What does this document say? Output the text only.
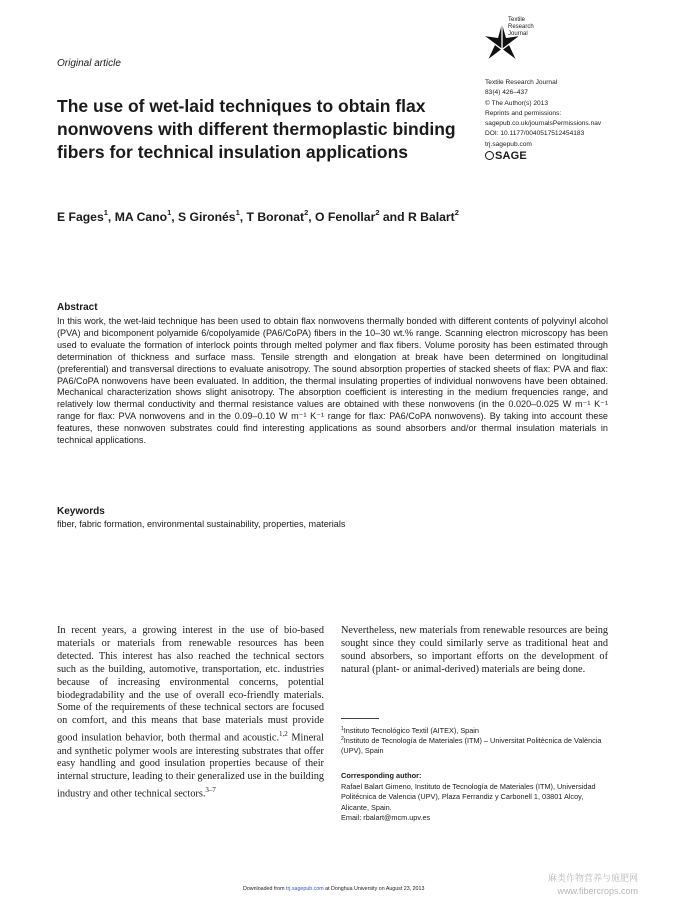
Original article
Textile
Research
Journal
Textile Research Journal
83(4) 426–437
© The Author(s) 2013
Reprints and permissions:
sagepub.co.uk/journalsPermissions.nav
DOI: 10.1177/0040517512454183
trj.sagepub.com
SAGE
The use of wet-laid techniques to obtain flax nonwovens with different thermoplastic binding fibers for technical insulation applications
E Fages$^1$, MA Cano$^1$, S Gironés$^1$, T Boronat$^2$, O Fenollar$^2$ and R Balart$^2$
Abstract
In this work, the wet-laid technique has been used to obtain flax nonwovens thermally bonded with different contents of polyvinyl alcohol (PVA) and bicomponent polyamide 6/copolyamide (PA6/CoPA) fibers in the 10–30 wt.% range. Scanning electron microscopy has been used to evaluate the formation of interlock points through melted polymer and flax fibers. Volume porosity has been estimated through determination of thickness and surface mass. Tensile strength and elongation at break have been determined on longitudinal (preferential) and transversal directions to evaluate anisotropy. The sound absorption properties of stacked sheets of flax: PVA and flax: PA6/CoPA nonwovens have been evaluated. In addition, the thermal insulating properties of individual nonwovens have been obtained. Mechanical characterization shows slight anisotropy. The absorption coefficient is interesting in the medium frequencies range, and relatively low thermal conductivity and thermal resistance values are obtained with these nonwovens (in the 0.020–0.025 W m⁻¹ K⁻¹ range for flax: PVA nonwovens and in the 0.09–0.10 W m⁻¹ K⁻¹ range for flax: PA6/CoPA nonwovens). By taking into account these features, these nonwoven substrates could find interesting applications as sound absorbers and/or thermal insulation materials in technical applications.
Keywords
fiber, fabric formation, environmental sustainability, properties, materials
In recent years, a growing interest in the use of bio-based materials or materials from renewable resources has been detected. This interest has also reached the technical sectors such as the building, automotive, transportation, etc. industries because of increasing environmental concerns, potential biodegradability and the use of overall eco-friendly materials. Some of the requirements of these technical sectors are focused on comfort, and this means that base materials must provide good insulation behavior, both thermal and acoustic.$^{1,2}$ Mineral and synthetic polymer wools are interesting substrates that offer easy handling and good insulation properties because of their internal structure, leading to their generalized use in the building industry and other technical sectors.$^{3-7}$
Nevertheless, new materials from renewable resources are being sought since they could similarly serve as traditional heat and sound absorbers, so important efforts on the development of natural (plant- or animal-derived) materials are being done.
$^1$Instituto Tecnológico Textil (AITEX), Spain
$^2$Instituto de Tecnología de Materiales (ITM) – Universitat Politècnica de València (UPV), Spain
Corresponding author:
Rafael Balart Gimeno, Instituto de Tecnología de Materiales (ITM), Universidad Politécnica de Valencia (UPV), Plaza Ferrandiz y Carbonell 1, 03801 Alcoy, Alicante, Spain.
Email: rbalart@mcm.upv.es
Downloaded from trj.sagepub.com at Donghua University on August 23, 2013
麻类作物营养与施肥网
www.fibercrops.com
